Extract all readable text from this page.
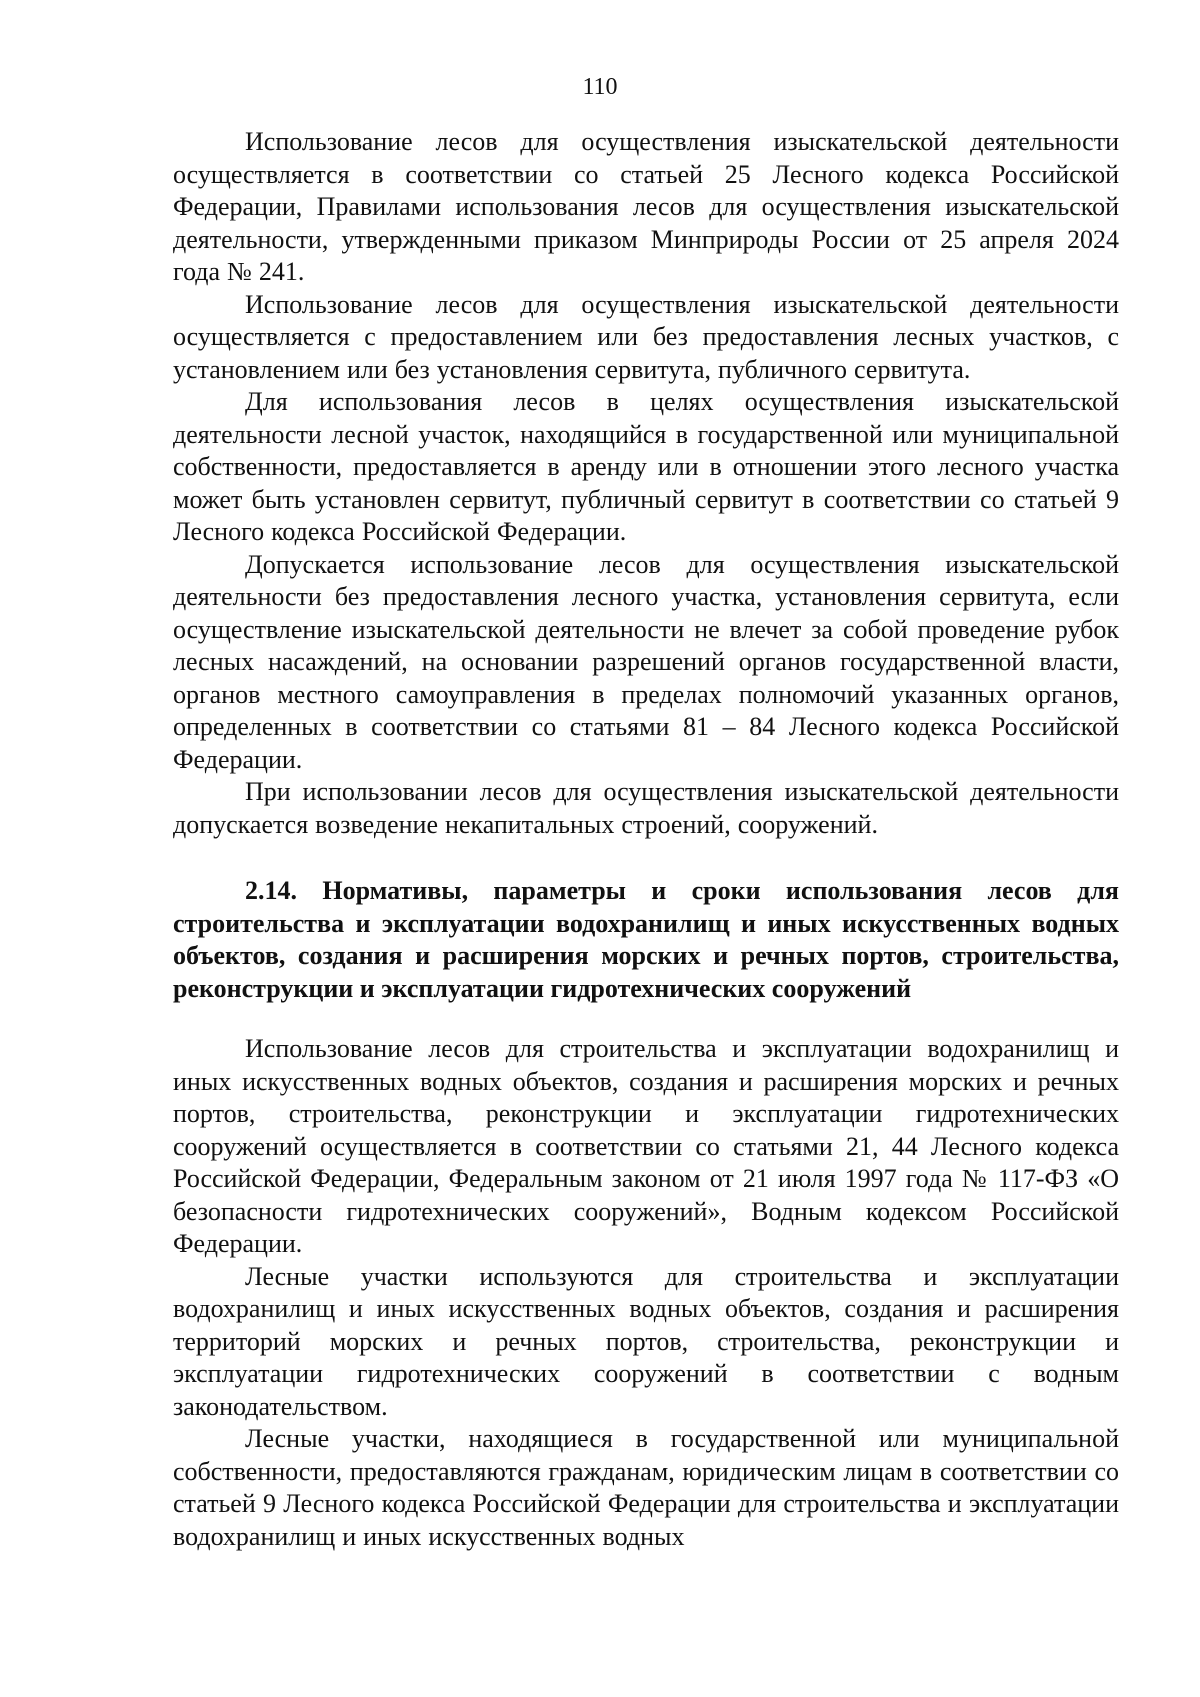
110

Использование лесов для осуществления изыскательской деятельности осуществляется в соответствии со статьей 25 Лесного кодекса Российской Федерации, Правилами использования лесов для осуществления изыскательской деятельности, утвержденными приказом Минприроды России от 25 апреля 2024 года № 241.

Использование лесов для осуществления изыскательской деятельности осуществляется с предоставлением или без предоставления лесных участков, с установлением или без установления сервитута, публичного сервитута.

Для использования лесов в целях осуществления изыскательской деятельности лесной участок, находящийся в государственной или муниципальной собственности, предоставляется в аренду или в отношении этого лесного участка может быть установлен сервитут, публичный сервитут в соответствии со статьей 9 Лесного кодекса Российской Федерации.

Допускается использование лесов для осуществления изыскательской деятельности без предоставления лесного участка, установления сервитута, если осуществление изыскательской деятельности не влечет за собой проведение рубок лесных насаждений, на основании разрешений органов государственной власти, органов местного самоуправления в пределах полномочий указанных органов, определенных в соответствии со статьями 81 – 84 Лесного кодекса Российской Федерации.

При использовании лесов для осуществления изыскательской деятельности допускается возведение некапитальных строений, сооружений.

2.14. Нормативы, параметры и сроки использования лесов для строительства и эксплуатации водохранилищ и иных искусственных водных объектов, создания и расширения морских и речных портов, строительства, реконструкции и эксплуатации гидротехнических сооружений

Использование лесов для строительства и эксплуатации водохранилищ и иных искусственных водных объектов, создания и расширения морских и речных портов, строительства, реконструкции и эксплуатации гидротехнических сооружений осуществляется в соответствии со статьями 21, 44 Лесного кодекса Российской Федерации, Федеральным законом от 21 июля 1997 года № 117-ФЗ «О безопасности гидротехнических сооружений», Водным кодексом Российской Федерации.

Лесные участки используются для строительства и эксплуатации водохранилищ и иных искусственных водных объектов, создания и расширения территорий морских и речных портов, строительства, реконструкции и эксплуатации гидротехнических сооружений в соответствии с водным законодательством.

Лесные участки, находящиеся в государственной или муниципальной собственности, предоставляются гражданам, юридическим лицам в соответствии со статьей 9 Лесного кодекса Российской Федерации для строительства и эксплуатации водохранилищ и иных искусственных водных
